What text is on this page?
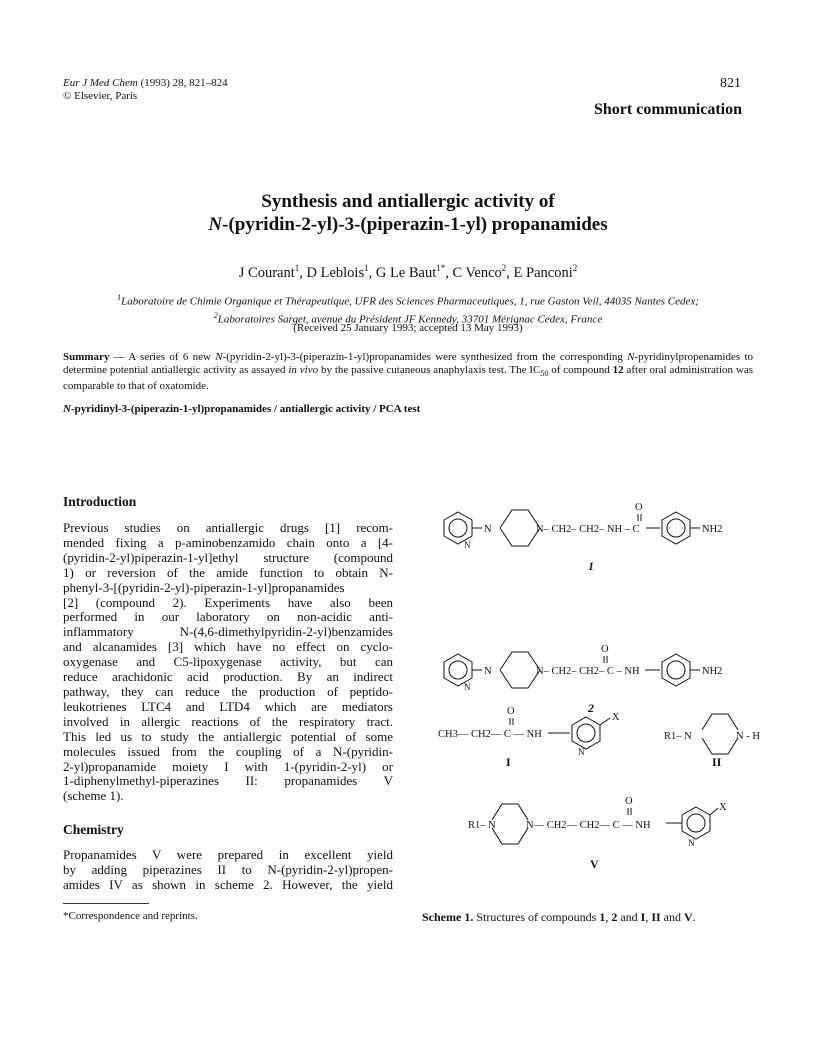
Eur J Med Chem (1993) 28, 821–824
© Elsevier, Paris
821
Short communication
Synthesis and antiallergic activity of
N-(pyridin-2-yl)-3-(piperazin-1-yl) propanamides
J Courant$^1$, D Leblois$^1$, G Le Baut$^{1*}$, C Venco$^2$, E Panconi$^2$
$^1$Laboratoire de Chimie Organique et Thérapeutique, UFR des Sciences Pharmaceutiques, 1, rue Gaston Veil, 44035 Nantes Cedex;
$^2$Laboratoires Sarget, avenue du Président JF Kennedy, 33701 Mérignac Cedex, France
(Received 25 January 1993; accepted 13 May 1993)
Summary — A series of 6 new N-(pyridin-2-yl)-3-(piperazin-1-yl)propanamides were synthesized from the corresponding N-pyridinylpropenamides to determine potential antiallergic activity as assayed in vivo by the passive cutaneous anaphylaxis test. The $IC_{50}$ of compound 12 after oral administration was comparable to that of oxatomide.
N-pyridinyl-3-(piperazin-1-yl)propanamides / antiallergic activity / PCA test
Introduction
Previous studies on antiallergic drugs [1] recom-
mended fixing a p-aminobenzamido chain onto a [4-
(pyridin-2-yl)piperazin-1-yl]ethyl structure (compound
1) or reversion of the amide function to obtain N-
phenyl-3-[(pyridin-2-yl)-piperazin-1-yl]propanamides
[2] (compound 2). Experiments have also been
performed in our laboratory on non-acidic anti-
inflammatory N-(4,6-dimethylpyridin-2-yl)benzamides
and alcanamides [3] which have no effect on cyclo-
oxygenase and C5-lipoxygenase activity, but can
reduce arachidonic acid production. By an indirect
pathway, they can reduce the production of peptido-
leukotrienes LTC4 and LTD4 which are mediators
involved in allergic reactions of the respiratory tract.
This led us to study the antiallergic potential of some
molecules issued from the coupling of a N-(pyridin-
2-yl)propanamide moiety I with 1-(pyridin-2-yl) or
1-diphenylmethyl-piperazines II: propanamides V
(scheme 1).
Chemistry
Propanamides V were prepared in excellent yield
by adding piperazines II to N-(pyridin-2-yl)propen-
amides IV as shown in scheme 2. However, the yield
*Correspondence and reprints.
N
N
N– CH2– CH2– NH – C
O
NH2
1
N
N
N– CH2– CH2– C – NH
O
NH2
2
CH3— CH2— C — NH
O
X
N
I
R1– N	N - H
II
R1– N	N— CH2— CH2— C — NH
O
X
N
V
Scheme 1. Structures of compounds 1, 2 and I, II and V.
